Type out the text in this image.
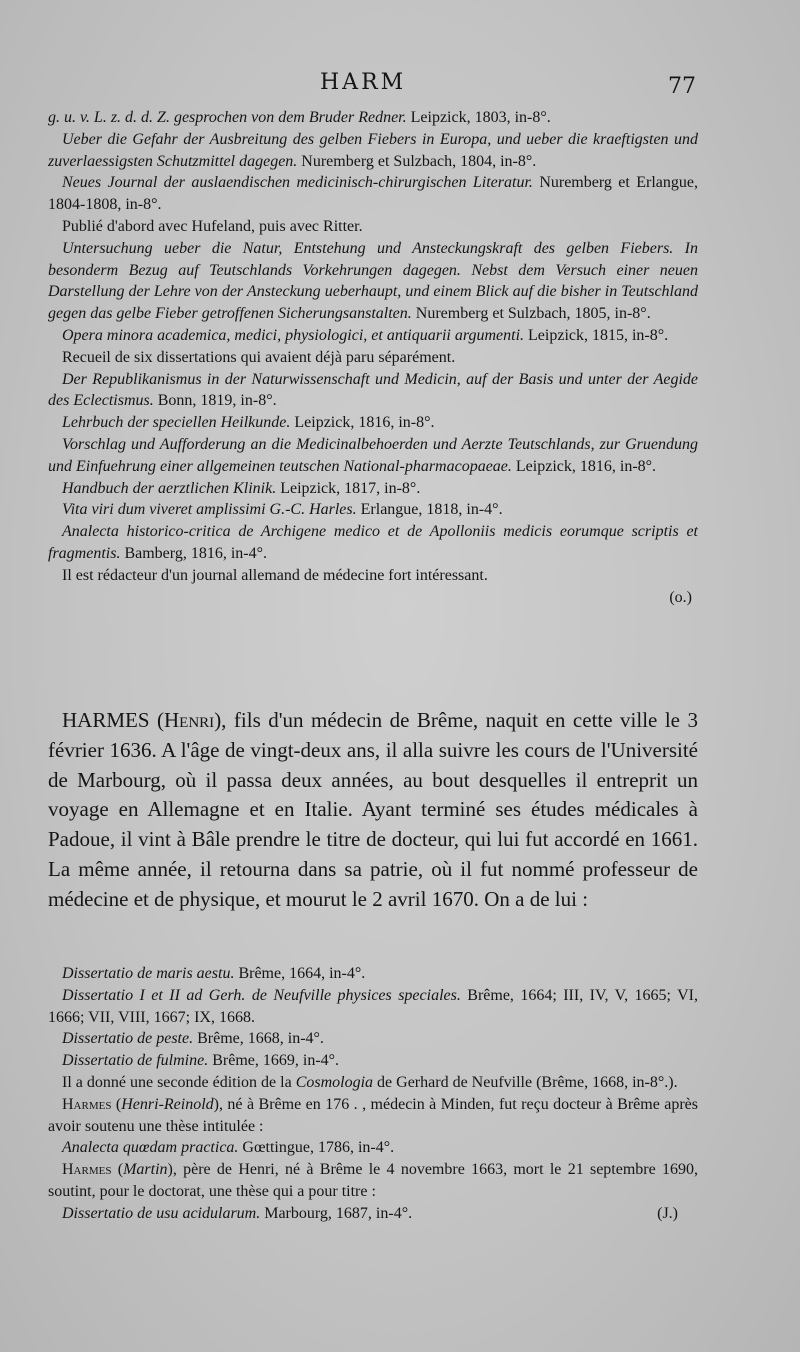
HARM	77

g. u. v. L. z. d. d. Z. gesprochen von dem Bruder Redner. Leipzick, 1803, in-8°.

Ueber die Gefahr der Ausbreitung des gelben Fiebers in Europa, und ueber die kraeftigsten und zuverlaessigsten Schutzmittel dagegen. Nuremberg et Sulzbach, 1804, in-8°.

Neues Journal der auslaendischen medicinisch-chirurgischen Literatur. Nuremberg et Erlangue, 1804-1808, in-8°.

Publié d'abord avec Hufeland, puis avec Ritter.

Untersuchung ueber die Natur, Entstehung und Ansteckungskraft des gelben Fiebers. In besonderm Bezug auf Teutschlands Vorkehrungen dagegen. Nebst dem Versuch einer neuen Darstellung der Lehre von der Ansteckung ueberhaupt, und einem Blick auf die bisher in Teutschland gegen das gelbe Fieber getroffenen Sicherungsanstalten. Nuremberg et Sulzbach, 1805, in-8°.

Opera minora academica, medici, physiologici, et antiquarii argumenti. Leipzick, 1815, in-8°.

Recueil de six dissertations qui avaient déjà paru séparément.

Der Republikanismus in der Naturwissenschaft und Medicin, auf der Basis und unter der Aegide des Eclectismus. Bonn, 1819, in-8°.

Lehrbuch der speciellen Heilkunde. Leipzick, 1816, in-8°.

Vorschlag und Aufforderung an die Medicinalbehoerden und Aerzte Teutschlands, zur Gruendung und Einfuehrung einer allgemeinen teutschen National-pharmacopaeae. Leipzick, 1816, in-8°.

Handbuch der aerztlichen Klinik. Leipzick, 1817, in-8°.

Vita viri dum viveret amplissimi G.-C. Harles. Erlangue, 1818, in-4°.

Analecta historico-critica de Archigene medico et de Apolloniis medicis eorumque scriptis et fragmentis. Bamberg, 1816, in-4°.

Il est rédacteur d'un journal allemand de médecine fort intéressant.

(o.)

HARMES (Henri), fils d'un médecin de Brême, naquit en cette ville le 3 février 1636. A l'âge de vingt-deux ans, il alla suivre les cours de l'Université de Marbourg, où il passa deux années, au bout desquelles il entreprit un voyage en Allemagne et en Italie. Ayant terminé ses études médicales à Padoue, il vint à Bâle prendre le titre de docteur, qui lui fut accordé en 1661. La même année, il retourna dans sa patrie, où il fut nommé professeur de médecine et de physique, et mourut le 2 avril 1670. On a de lui :

Dissertatio de maris aestu. Brême, 1664, in-4°.

Dissertatio I et II ad Gerh. de Neufville physices speciales. Brême, 1664; III, IV, V, 1665; VI, 1666; VII, VIII, 1667; IX, 1668.

Dissertatio de peste. Brême, 1668, in-4°.

Dissertatio de fulmine. Brême, 1669, in-4°.

Il a donné une seconde édition de la Cosmologia de Gerhard de Neufville (Brême, 1668, in-8°.).

Harmes (Henri-Reinold), né à Brême en 176 . , médecin à Minden, fut reçu docteur à Brême après avoir soutenu une thèse intitulée :

Analecta quœdam practica. Gœttingue, 1786, in-4°.

Harmes (Martin), père de Henri, né à Brême le 4 novembre 1663, mort le 21 septembre 1690, soutint, pour le doctorat, une thèse qui a pour titre :

Dissertatio de usu acidularum. Marbourg, 1687, in-4°.	(J.)
